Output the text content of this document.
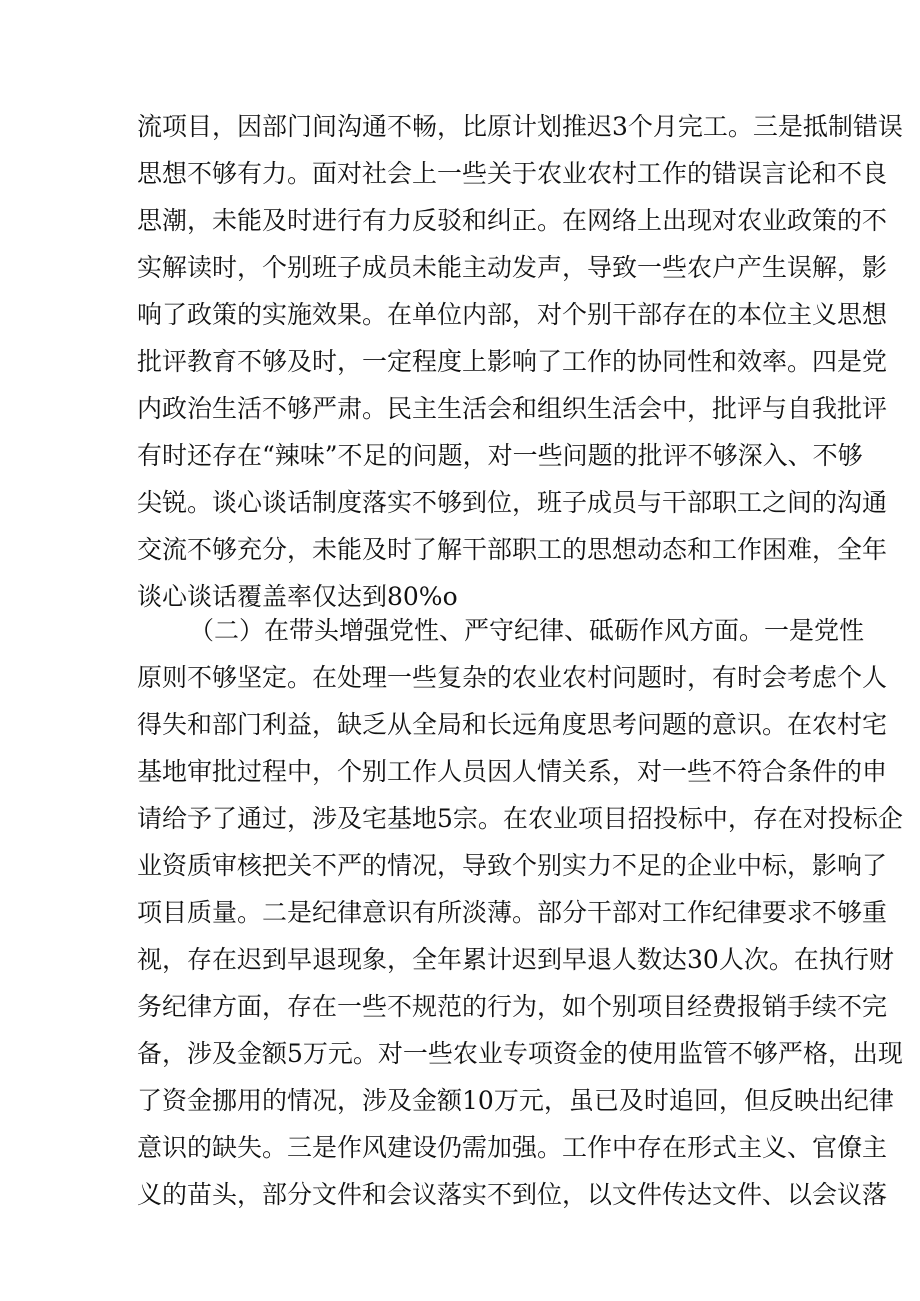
流项目，因部门间沟通不畅，比原计划推迟3个月完工。三是抵制错误
思想不够有力。面对社会上一些关于农业农村工作的错误言论和不良
思潮，未能及时进行有力反驳和纠正。在网络上出现对农业政策的不
实解读时，个别班子成员未能主动发声，导致一些农户产生误解，影
响了政策的实施效果。在单位内部，对个别干部存在的本位主义思想
批评教育不够及时，一定程度上影响了工作的协同性和效率。四是党
内政治生活不够严肃。民主生活会和组织生活会中，批评与自我批评
有时还存在“辣味”不足的问题，对一些问题的批评不够深入、不够
尖锐。谈心谈话制度落实不够到位，班子成员与干部职工之间的沟通
交流不够充分，未能及时了解干部职工的思想动态和工作困难，全年
谈心谈话覆盖率仅达到80%o
（二）在带头增强党性、严守纪律、砥砺作风方面。一是党性
原则不够坚定。在处理一些复杂的农业农村问题时，有时会考虑个人
得失和部门利益，缺乏从全局和长远角度思考问题的意识。在农村宅
基地审批过程中，个别工作人员因人情关系，对一些不符合条件的申
请给予了通过，涉及宅基地5宗。在农业项目招投标中，存在对投标企
业资质审核把关不严的情况，导致个别实力不足的企业中标，影响了
项目质量。二是纪律意识有所淡薄。部分干部对工作纪律要求不够重
视，存在迟到早退现象，全年累计迟到早退人数达30人次。在执行财
务纪律方面，存在一些不规范的行为，如个别项目经费报销手续不完
备，涉及金额5万元。对一些农业专项资金的使用监管不够严格，出现
了资金挪用的情况，涉及金额10万元，虽已及时追回，但反映出纪律
意识的缺失。三是作风建设仍需加强。工作中存在形式主义、官僚主
义的苗头，部分文件和会议落实不到位，以文件传达文件、以会议落
